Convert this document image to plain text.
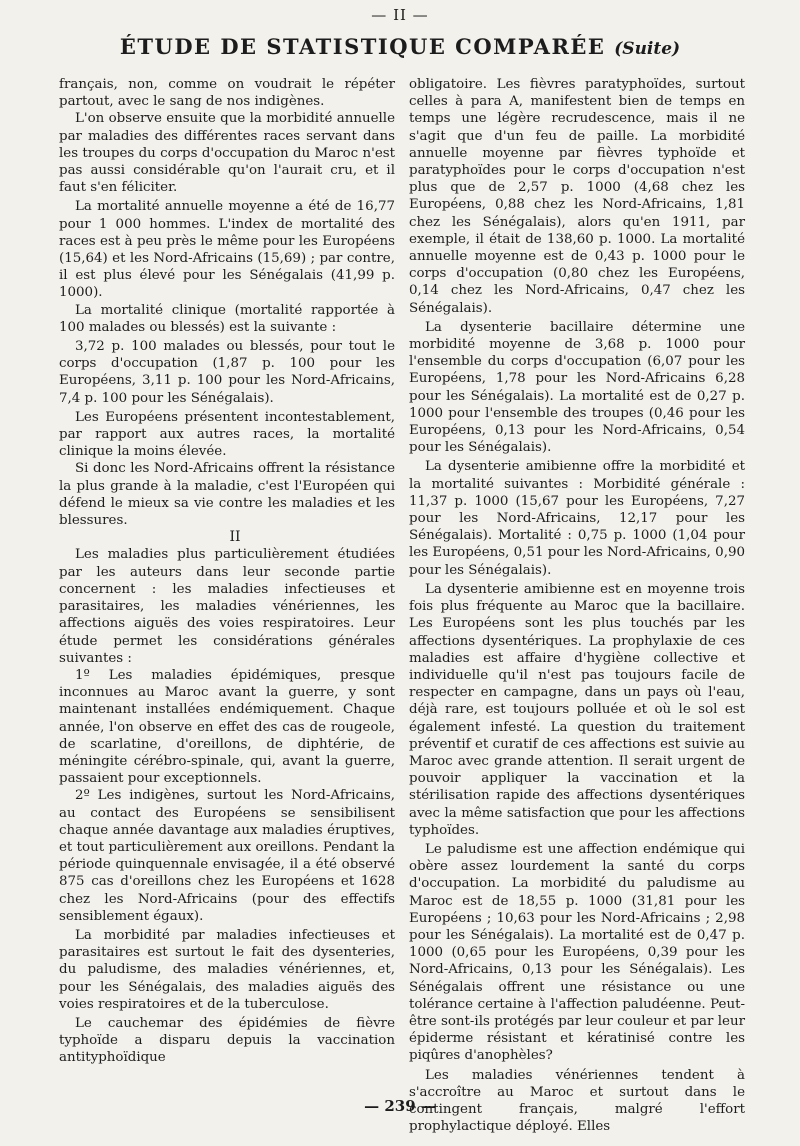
— II —
ÉTUDE DE STATISTIQUE COMPARÉE (Suite)

français, non, comme on voudrait le répéter partout, avec le sang de nos indigènes.

L'on observe ensuite que la morbidité annuelle par maladies des différentes races servant dans les troupes du corps d'occupation du Maroc n'est pas aussi considérable qu'on l'aurait cru, et il faut s'en féliciter.

La mortalité annuelle moyenne a été de 16,77 pour 1 000 hommes. L'index de mortalité des races est à peu près le même pour les Européens (15,64) et les Nord-Africains (15,69) ; par contre, il est plus élevé pour les Sénégalais (41,99 p. 1000).

La mortalité clinique (mortalité rapportée à 100 malades ou blessés) est la suivante :

3,72 p. 100 malades ou blessés, pour tout le corps d'occupation (1,87 p. 100 pour les Européens, 3,11 p. 100 pour les Nord-Africains, 7,4 p. 100 pour les Sénégalais).

Les Européens présentent incontestablement, par rapport aux autres races, la mortalité clinique la moins élevée.

Si donc les Nord-Africains offrent la résistance la plus grande à la maladie, c'est l'Européen qui défend le mieux sa vie contre les maladies et les blessures.

II

Les maladies plus particulièrement étudiées par les auteurs dans leur seconde partie concernent : les maladies infectieuses et parasitaires, les maladies vénériennes, les affections aiguës des voies respiratoires. Leur étude permet les considérations générales suivantes :

1º Les maladies épidémiques, presque inconnues au Maroc avant la guerre, y sont maintenant installées endémiquement. Chaque année, l'on observe en effet des cas de rougeole, de scarlatine, d'oreillons, de diphtérie, de méningite cérébro-spinale, qui, avant la guerre, passaient pour exceptionnels.

2º Les indigènes, surtout les Nord-Africains, au contact des Européens se sensibilisent chaque année davantage aux maladies éruptives, et tout particulièrement aux oreillons. Pendant la période quinquennale envisagée, il a été observé 875 cas d'oreillons chez les Européens et 1628 chez les Nord-Africains (pour des effectifs sensiblement égaux).

La morbidité par maladies infectieuses et parasitaires est surtout le fait des dysenteries, du paludisme, des maladies vénériennes, et, pour les Sénégalais, des maladies aiguës des voies respiratoires et de la tuberculose.

Le cauchemar des épidémies de fièvre typhoïde a disparu depuis la vaccination antityphoïdique

obligatoire. Les fièvres paratyphoïdes, surtout celles à para A, manifestent bien de temps en temps une légère recrudescence, mais il ne s'agit que d'un feu de paille. La morbidité annuelle moyenne par fièvres typhoïde et paratyphoïdes pour le corps d'occupation n'est plus que de 2,57 p. 1000 (4,68 chez les Européens, 0,88 chez les Nord-Africains, 1,81 chez les Sénégalais), alors qu'en 1911, par exemple, il était de 138,60 p. 1000. La mortalité annuelle moyenne est de 0,43 p. 1000 pour le corps d'occupation (0,80 chez les Européens, 0,14 chez les Nord-Africains, 0,47 chez les Sénégalais).

La dysenterie bacillaire détermine une morbidité moyenne de 3,68 p. 1000 pour l'ensemble du corps d'occupation (6,07 pour les Européens, 1,78 pour les Nord-Africains 6,28 pour les Sénégalais). La mortalité est de 0,27 p. 1000 pour l'ensemble des troupes (0,46 pour les Européens, 0,13 pour les Nord-Africains, 0,54 pour les Sénégalais).

La dysenterie amibienne offre la morbidité et la mortalité suivantes : Morbidité générale : 11,37 p. 1000 (15,67 pour les Européens, 7,27 pour les Nord-Africains, 12,17 pour les Sénégalais). Mortalité : 0,75 p. 1000 (1,04 pour les Européens, 0,51 pour les Nord-Africains, 0,90 pour les Sénégalais).

La dysenterie amibienne est en moyenne trois fois plus fréquente au Maroc que la bacillaire. Les Européens sont les plus touchés par les affections dysentériques. La prophylaxie de ces maladies est affaire d'hygiène collective et individuelle qu'il n'est pas toujours facile de respecter en campagne, dans un pays où l'eau, déjà rare, est toujours polluée et où le sol est également infesté. La question du traitement préventif et curatif de ces affections est suivie au Maroc avec grande attention. Il serait urgent de pouvoir appliquer la vaccination et la stérilisation rapide des affections dysentériques avec la même satisfaction que pour les affections typhoïdes.

Le paludisme est une affection endémique qui obère assez lourdement la santé du corps d'occupation. La morbidité du paludisme au Maroc est de 18,55 p. 1000 (31,81 pour les Européens ; 10,63 pour les Nord-Africains ; 2,98 pour les Sénégalais). La mortalité est de 0,47 p. 1000 (0,65 pour les Européens, 0,39 pour les Nord-Africains, 0,13 pour les Sénégalais). Les Sénégalais offrent une résistance ou une tolérance certaine à l'affection paludéenne. Peut-être sont-ils protégés par leur couleur et par leur épiderme résistant et kératinisé contre les piqûres d'anophèles?

Les maladies vénériennes tendent à s'accroître au Maroc et surtout dans le contingent français, malgré l'effort prophylactique déployé. Elles

— 239 —
